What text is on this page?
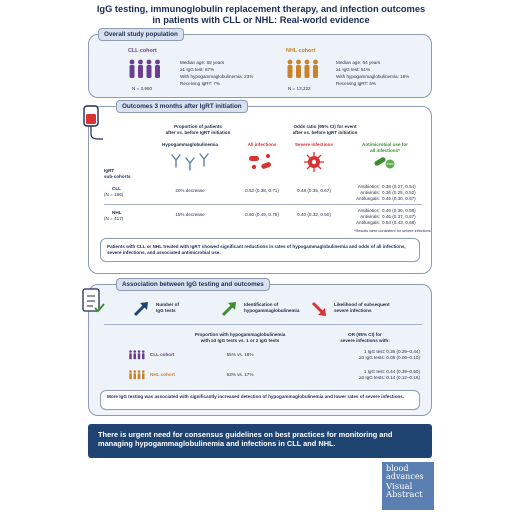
IgG testing, immunoglobulin replacement therapy, and infection outcomes
in patients with CLL or NHL: Real-world evidence
Overall study population
CLL cohort
N = 3,960
Median age: 68 years
≥1 IgG test: 67%
With hypogammaglobulinemia: 23%
Receiving IgRT: 7%
NHL cohort
N = 13,222
Median age: 64 years
≥1 IgG test: 51%
With hypogammaglobulinemia: 18%
Receiving IgRT: 5%
Outcomes 3 months after IgRT initiation
Proportion of patients
after vs. before IgRT initiation
Odds ratio (95% CI) for event
after vs. before IgRT initiation
Hypogammaglobulinemia	All infections	Severe infections	Antimicrobial use for
all infections*
IgRT
sub-cohorts
CLL
(N = 196)
20% decrease	0.52 (0.38, 0.71)	0.48 (0.35, 0.67)
Antibiotics: 0.38 (0.27, 0.54)
Antivirals: 0.36 (0.25, 0.52)
Antifungals: 0.45 (0.30, 0.67)
NHL
(N = 417)
15% decrease	0.60 (0.49, 0.75)	0.40 (0.32, 0.50)
Antibiotics: 0.46 (0.36, 0.58)
Antivirals: 0.46 (0.37, 0.57)
Antifungals: 0.54 (0.43, 0.68)
*Results were consistent for severe infections
Patients with CLL or NHL treated with IgRT showed significant reductions in rates of hypogammaglobulinemia and odds of all infections, severe infections, and associated antimicrobial use.
Association between IgG testing and outcomes
Number of
IgG tests
Identification of
hypogammaglobulinemia
Likelihood of subsequent
severe infections
Proportion with hypogammaglobulinemia
with ≥3 IgG tests vs. 1 or 2 IgG tests
OR (95% CI) for
severe infections with:
CLL cohort	55% vs. 18%
1 IgG test: 0.36 (0.29–0.44)
≥3 IgG tests: 0.08 (0.06–0.10)
NHL cohort	53% vs. 17%
1 IgG test: 0.44 (0.39–0.50)
≥3 IgG tests: 0.14 (0.12–0.16)
More IgG testing was associated with significantly increased detection of hypogammaglobulinemia and lower rates of severe infections.
There is urgent need for consensus guidelines on best practices for monitoring and managing hypogammaglobulinemia and infections in CLL and NHL.
blood
advances
Visual
Abstract
